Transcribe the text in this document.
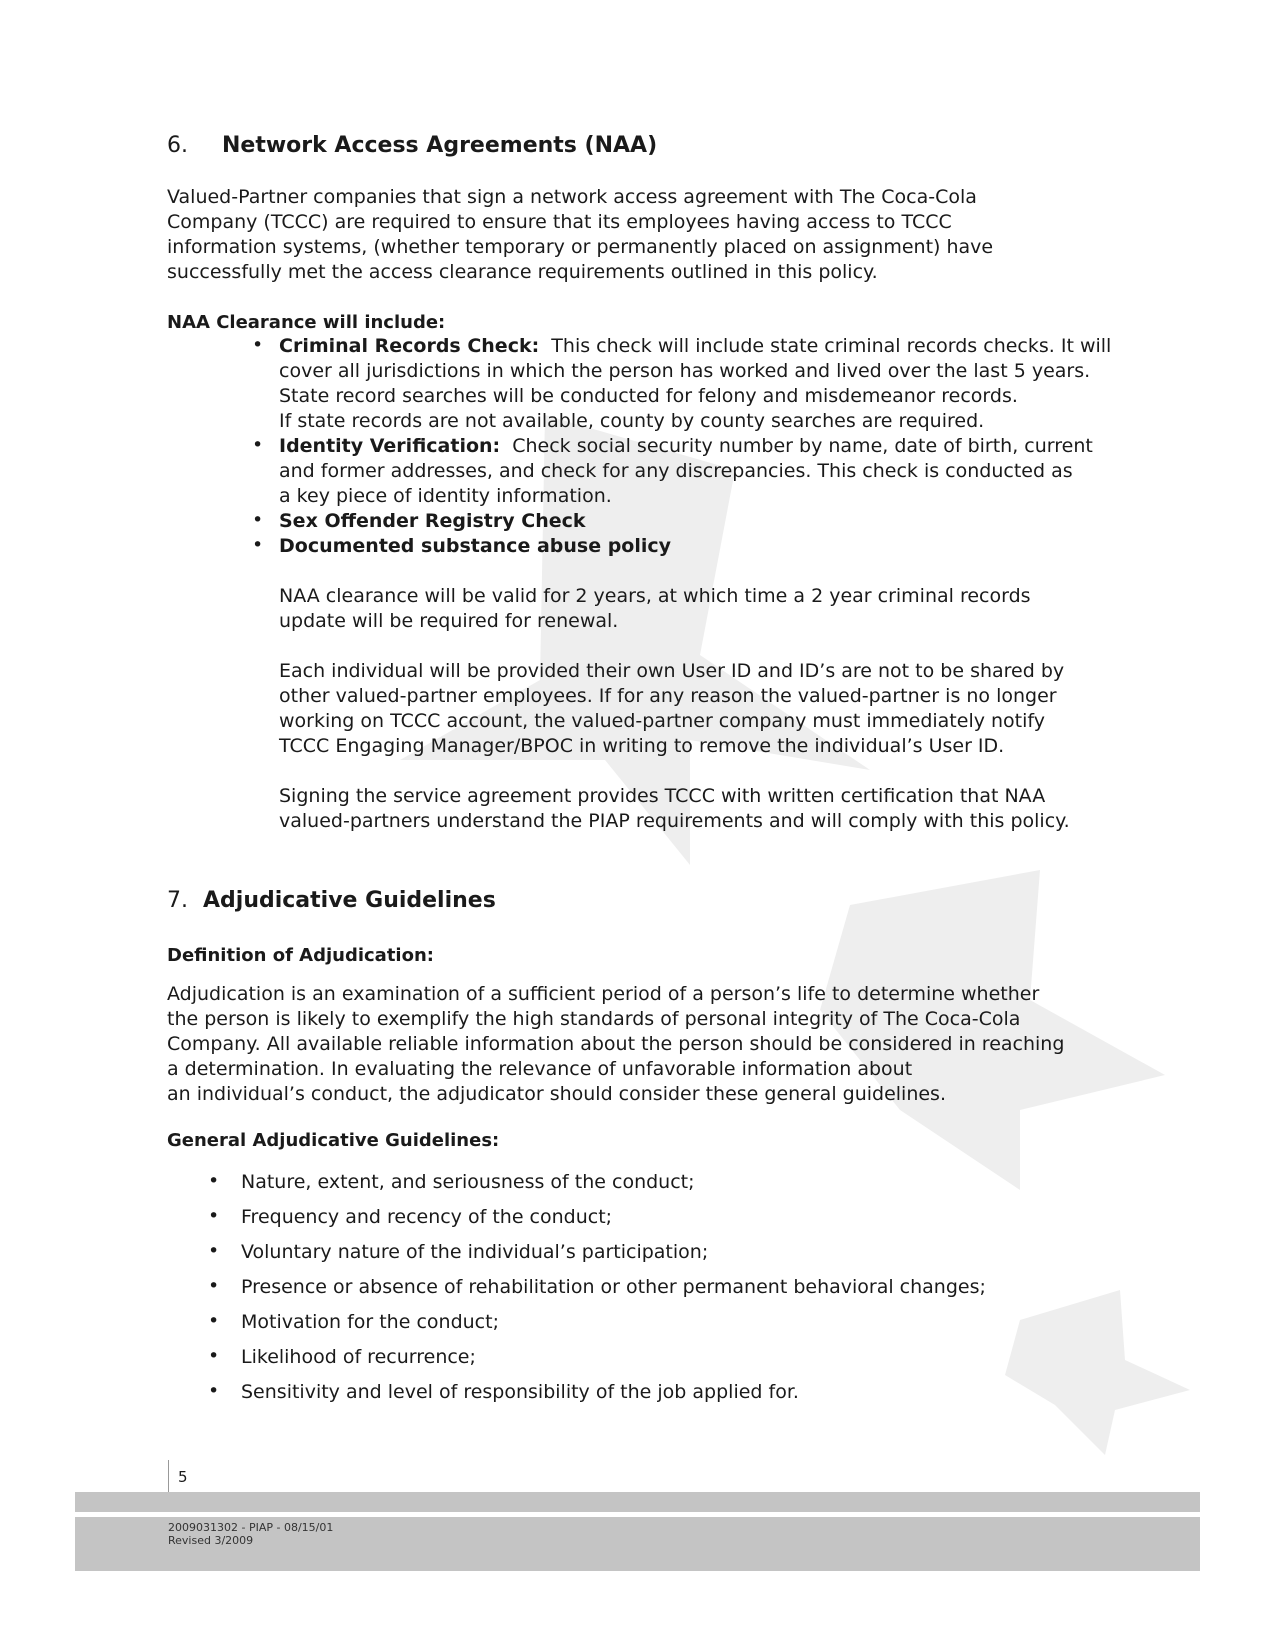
6. Network Access Agreements (NAA)
Valued-Partner companies that sign a network access agreement with The Coca-Cola
Company (TCCC) are required to ensure that its employees having access to TCCC
information systems, (whether temporary or permanently placed on assignment) have
successfully met the access clearance requirements outlined in this policy.
NAA Clearance will include:
• Criminal Records Check: This check will include state criminal records checks. It will
cover all jurisdictions in which the person has worked and lived over the last 5 years.
State record searches will be conducted for felony and misdemeanor records.
If state records are not available, county by county searches are required.
• Identity Verification: Check social security number by name, date of birth, current
and former addresses, and check for any discrepancies. This check is conducted as
a key piece of identity information.
• Sex Offender Registry Check
• Documented substance abuse policy
NAA clearance will be valid for 2 years, at which time a 2 year criminal records
update will be required for renewal.
Each individual will be provided their own User ID and ID’s are not to be shared by
other valued-partner employees. If for any reason the valued-partner is no longer
working on TCCC account, the valued-partner company must immediately notify
TCCC Engaging Manager/BPOC in writing to remove the individual’s User ID.
Signing the service agreement provides TCCC with written certification that NAA
valued-partners understand the PIAP requirements and will comply with this policy.
7. Adjudicative Guidelines
Definition of Adjudication:
Adjudication is an examination of a sufficient period of a person’s life to determine whether
the person is likely to exemplify the high standards of personal integrity of The Coca-Cola
Company. All available reliable information about the person should be considered in reaching
a determination. In evaluating the relevance of unfavorable information about
an individual’s conduct, the adjudicator should consider these general guidelines.
General Adjudicative Guidelines:
• Nature, extent, and seriousness of the conduct;
• Frequency and recency of the conduct;
• Voluntary nature of the individual’s participation;
• Presence or absence of rehabilitation or other permanent behavioral changes;
• Motivation for the conduct;
• Likelihood of recurrence;
• Sensitivity and level of responsibility of the job applied for.
5
2009031302 - PIAP - 08/15/01
Revised 3/2009
